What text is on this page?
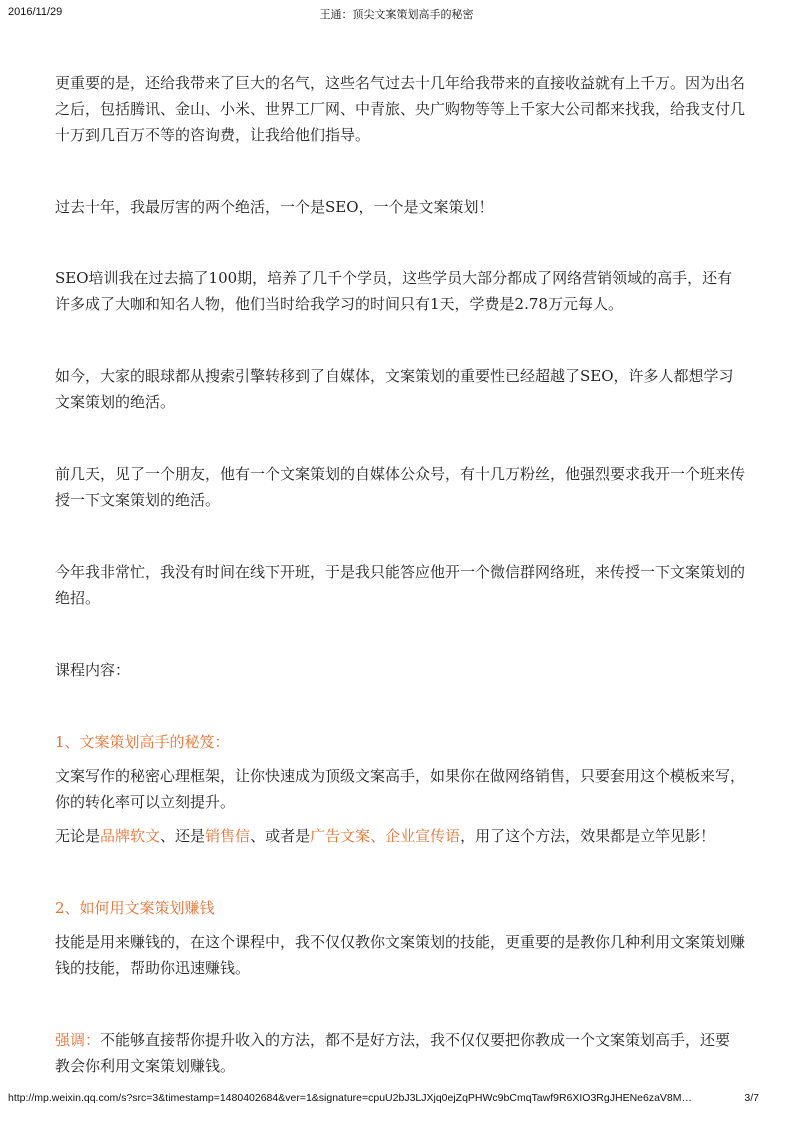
2016/11/29	王通：顶尖文案策划高手的秘密

更重要的是，还给我带来了巨大的名气，这些名气过去十几年给我带来的直接收益就有上千万。因为出名之后，包括腾讯、金山、小米、世界工厂网、中青旅、央广购物等等上千家大公司都来找我，给我支付几十万到几百万不等的咨询费，让我给他们指导。

过去十年，我最厉害的两个绝活，一个是SEO，一个是文案策划！

SEO培训我在过去搞了100期，培养了几千个学员，这些学员大部分都成了网络营销领域的高手，还有许多成了大咖和知名人物，他们当时给我学习的时间只有1天，学费是2.78万元每人。

如今，大家的眼球都从搜索引擎转移到了自媒体，文案策划的重要性已经超越了SEO，许多人都想学习文案策划的绝活。

前几天，见了一个朋友，他有一个文案策划的自媒体公众号，有十几万粉丝，他强烈要求我开一个班来传授一下文案策划的绝活。

今年我非常忙，我没有时间在线下开班，于是我只能答应他开一个微信群网络班，来传授一下文案策划的绝招。

课程内容：

1、文案策划高手的秘笈：

文案写作的秘密心理框架，让你快速成为顶级文案高手，如果你在做网络销售，只要套用这个模板来写，你的转化率可以立刻提升。

无论是品牌软文、还是销售信、或者是广告文案、企业宣传语，用了这个方法，效果都是立竿见影！

2、如何用文案策划赚钱

技能是用来赚钱的，在这个课程中，我不仅仅教你文案策划的技能，更重要的是教你几种利用文案策划赚钱的技能，帮助你迅速赚钱。

强调：不能够直接帮你提升收入的方法，都不是好方法，我不仅仅要把你教成一个文案策划高手，还要教会你利用文案策划赚钱。

http://mp.weixin.qq.com/s?src=3&timestamp=1480402684&ver=1&signature=cpuU2bJ3LJXjq0ejZqPHWc9bCmqTawf9R6XIO3RgJHENe6zaV8M…	3/7
